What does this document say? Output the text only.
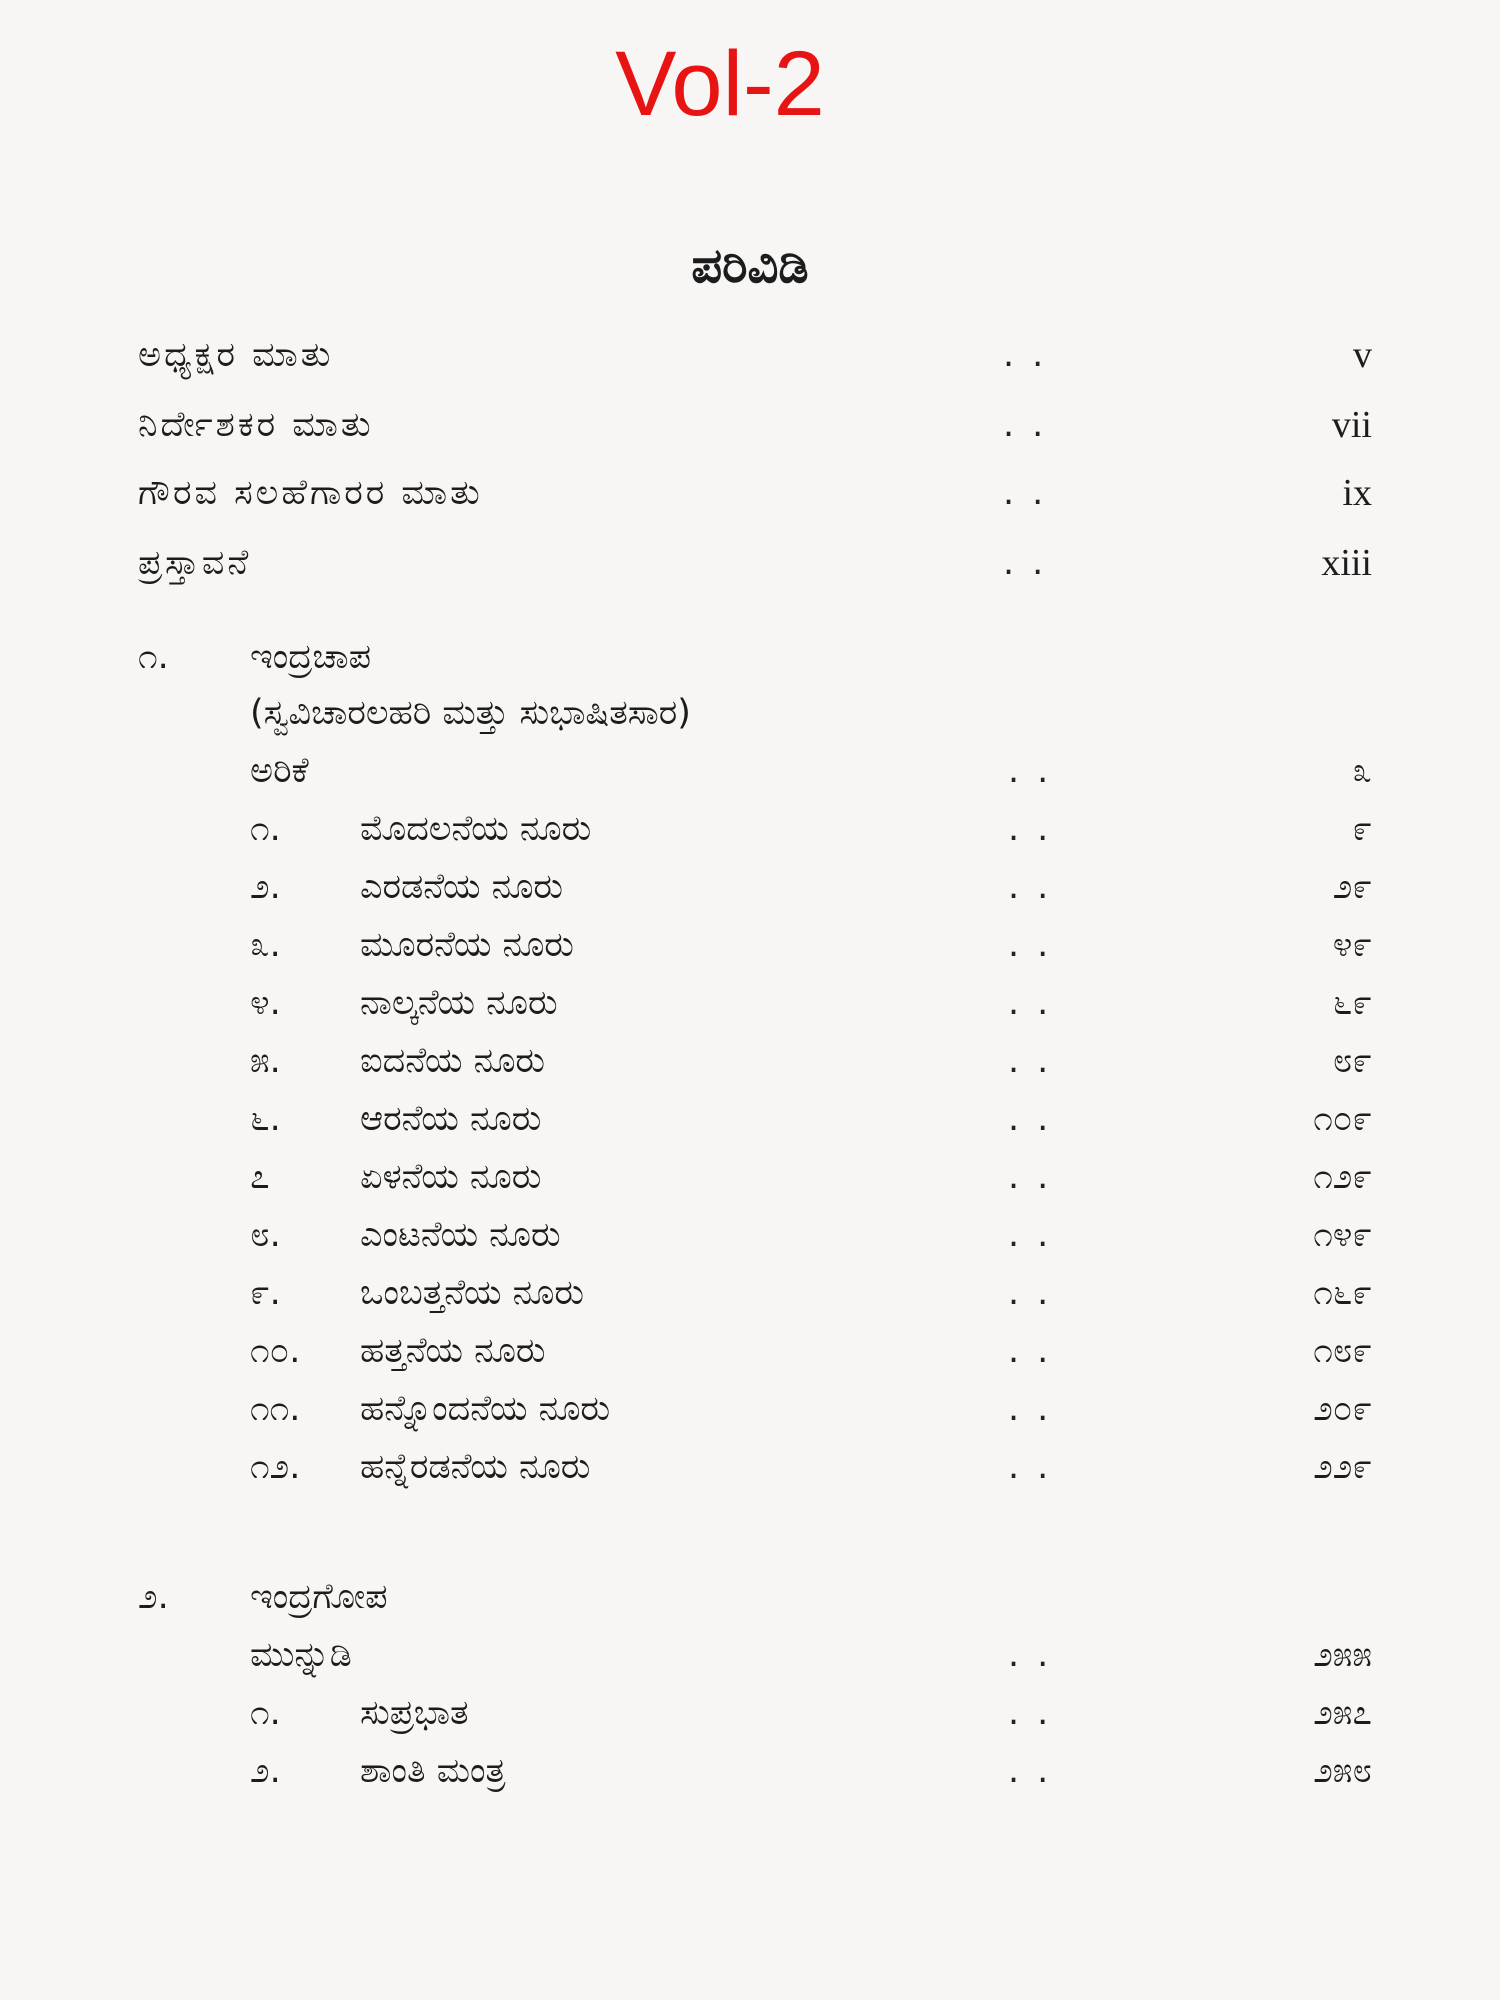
Vol-2
ಪರಿವಿಡಿ
ಅಧ್ಯಕ್ಷರ ಮಾತು	..	v
ನಿರ್ದೇಶಕರ ಮಾತು	..	vii
ಗೌರವ ಸಲಹೆಗಾರರ ಮಾತು	..	ix
ಪ್ರಸ್ತಾವನೆ	..	xiii
೧. ಇಂದ್ರಚಾಪ
(ಸ್ವವಿಚಾರಲಹರಿ ಮತ್ತು ಸುಭಾಷಿತಸಾರ)
ಅರಿಕೆ	..	೩
೧. ಮೊದಲನೆಯ ನೂರು	..	೯
೨. ಎರಡನೆಯ ನೂರು	..	೨೯
೩. ಮೂರನೆಯ ನೂರು	..	೪೯
೪. ನಾಲ್ಕನೆಯ ನೂರು	..	೬೯
೫. ಐದನೆಯ ನೂರು	..	೮೯
೬. ಆರನೆಯ ನೂರು	..	೧೦೯
೭	ಏಳನೆಯ ನೂರು	..	೧೨೯
೮. ಎಂಟನೆಯ ನೂರು	..	೧೪೯
೯. ಒಂಬತ್ತನೆಯ ನೂರು	..	೧೬೯
೧೦. ಹತ್ತನೆಯ ನೂರು	..	೧೮೯
೧೧. ಹನ್ನೊಂದನೆಯ ನೂರು	..	೨೦೯
೧೨. ಹನ್ನೆರಡನೆಯ ನೂರು	..	೨೨೯
೨. ಇಂದ್ರಗೋಪ
ಮುನ್ನುಡಿ	..	೨೫೫
೧. ಸುಪ್ರಭಾತ	..	೨೫೭
೨. ಶಾಂತಿ ಮಂತ್ರ	..	೨೫೮
